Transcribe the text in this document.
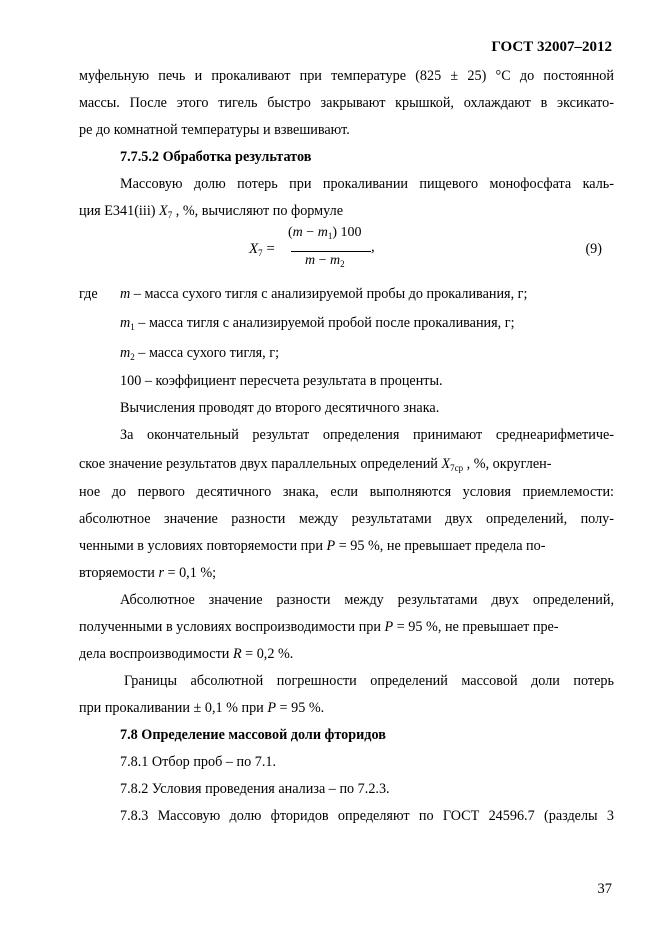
ГОСТ 32007–2012
муфельную печь и прокаливают при температуре (825 ± 25) °С до постоянной
массы. После этого тигель быстро закрывают крышкой, охлаждают в эксикато-
ре до комнатной температуры и взвешивают.
7.7.5.2 Обработка результатов
Массовую долю потерь при прокаливании пищевого монофосфата каль-
ция Е341(iii) $X_7$ , %, вычисляют по формуле
$X_7$ =
$(m - m_1)$ 100
$m - m_2$
,	(9)
где m – масса сухого тигля с анализируемой пробы до прокаливания, г;
$m_1$ – масса тигля с анализируемой пробой после прокаливания, г;
$m_2$ – масса сухого тигля, г;
100 – коэффициент пересчета результата в проценты.
Вычисления проводят до второго десятичного знака.
За окончательный результат определения принимают среднеарифметиче-
ское значение результатов двух параллельных определений $X_{7ср}$ , %, округлен-
ное до первого десятичного знака, если выполняются условия приемлемости:
абсолютное значение разности между результатами двух определений, полу-
ченными в условиях повторяемости при Р = 95 %, не превышает предела по-
вторяемости r = 0,1 %;
Абсолютное значение разности между результатами двух определений,
полученными в условиях воспроизводимости при Р = 95 %, не превышает пре-
дела воспроизводимости R = 0,2 %.
Границы абсолютной погрешности определений массовой доли потерь
при прокаливании ± 0,1 % при Р = 95 %.
7.8 Определение массовой доли фторидов
7.8.1 Отбор проб – по 7.1.
7.8.2 Условия проведения анализа – по 7.2.3.
7.8.3 Массовую долю фторидов определяют по ГОСТ 24596.7 (разделы 3
37
